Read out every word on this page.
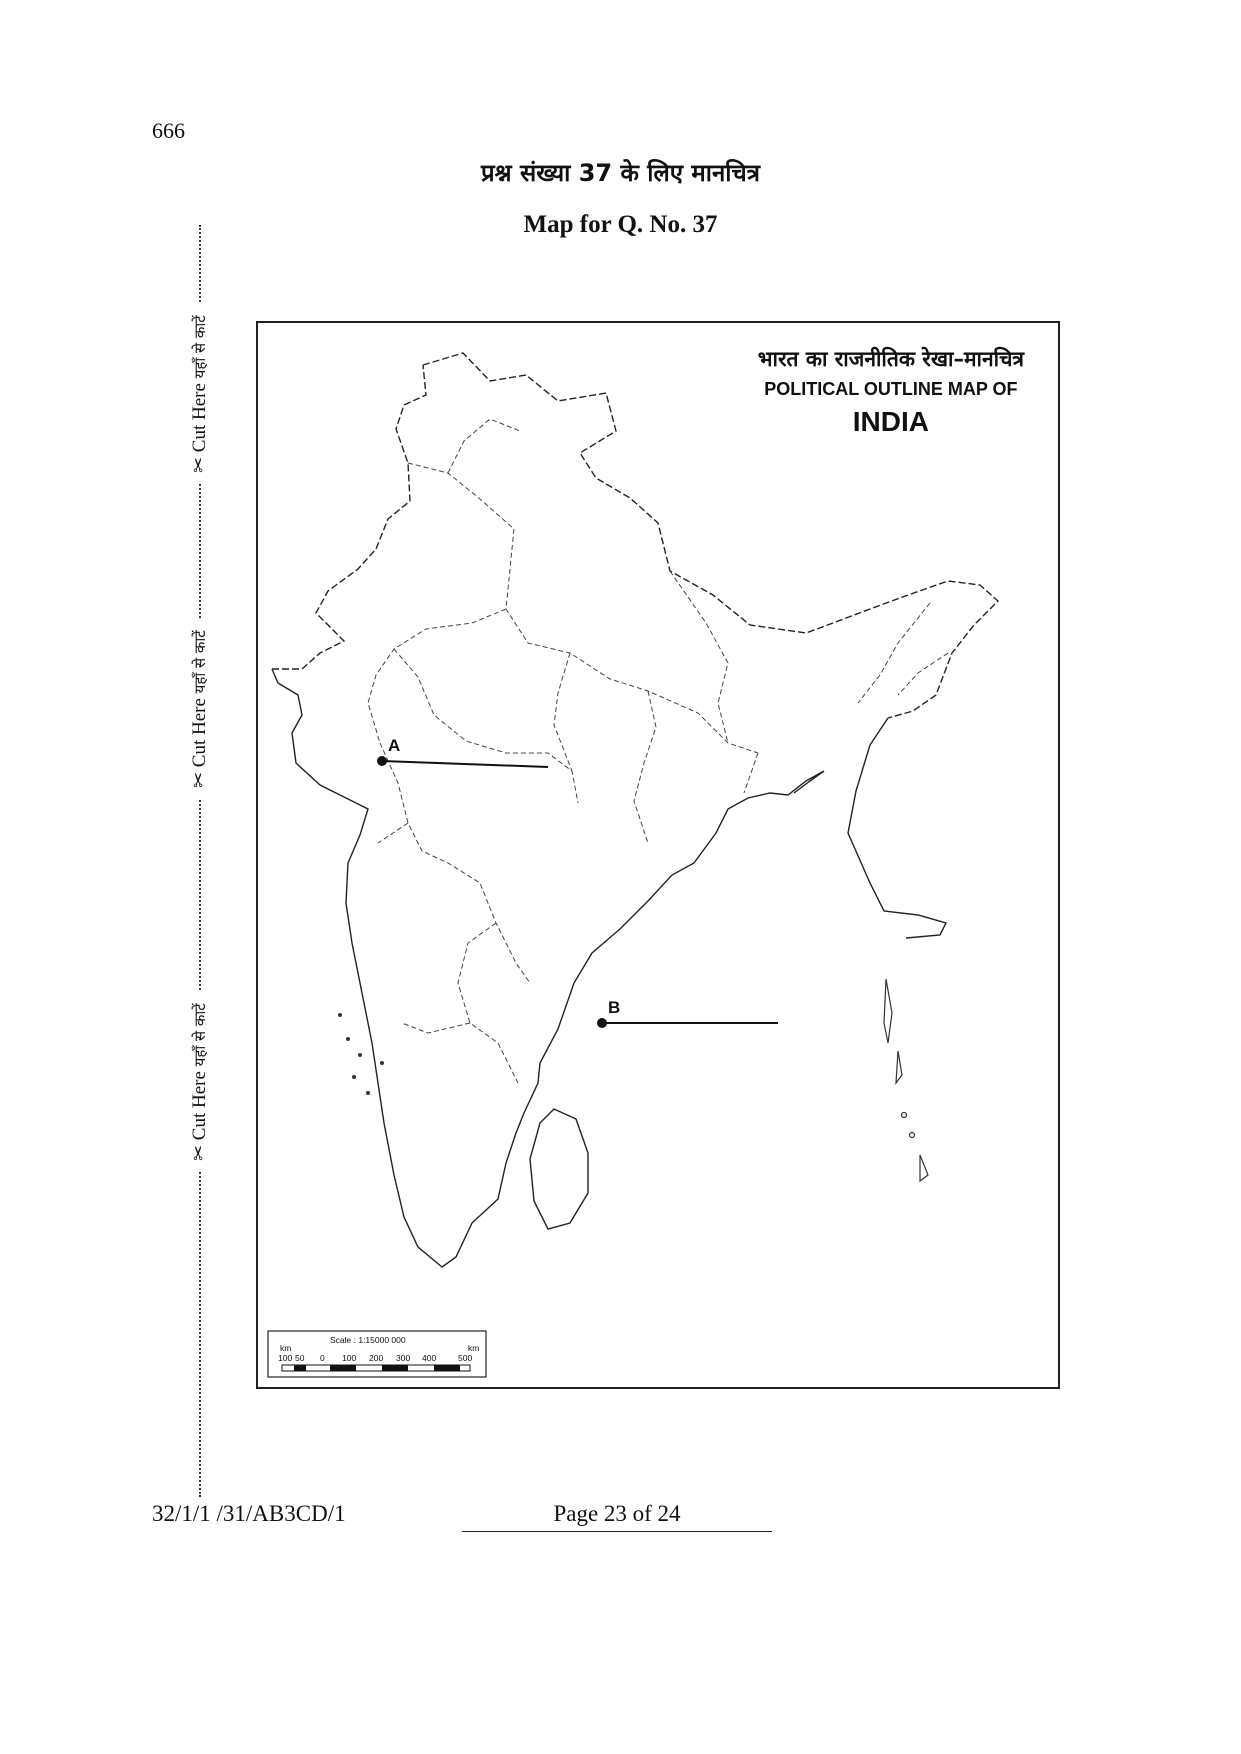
666
प्रश्न संख्या 37 के लिए मानचित्र
Map for Q. No. 37
✂ Cut Here यहाँ से काटें
✂ Cut Here यहाँ से काटें
✂ Cut Here यहाँ से काटें
A
B
Scale : 1:15000 000
km	km
100 50 0 100 200 300 400	500
भारत का राजनीतिक रेखा–मानचित्र
POLITICAL OUTLINE MAP OF
INDIA
32/1/1 /31/AB3CD/1	Page 23 of 24
